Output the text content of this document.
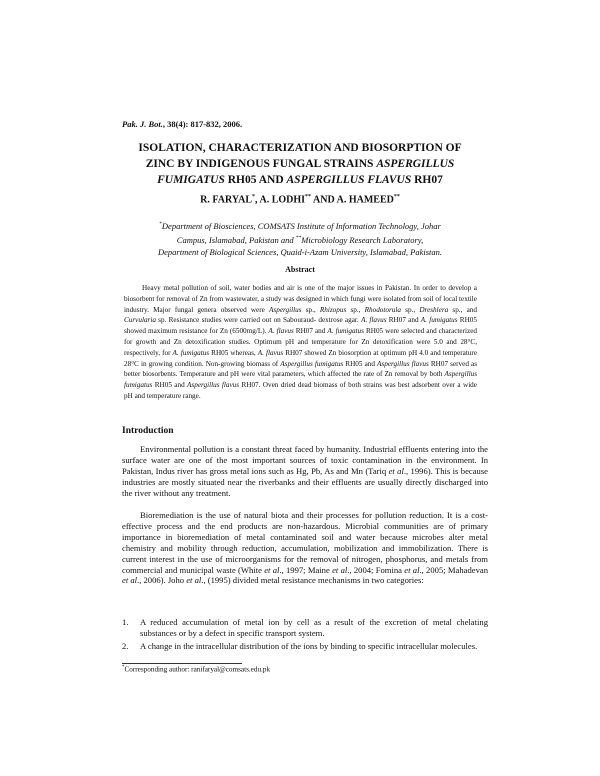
Pak. J. Bot., 38(4): 817-832, 2006.
ISOLATION, CHARACTERIZATION AND BIOSORPTION OF
ZINC BY INDIGENOUS FUNGAL STRAINS ASPERGILLUS
FUMIGATUS RH05 AND ASPERGILLUS FLAVUS RH07
R. FARYAL*, A. LODHI** AND A. HAMEED**
*Department of Biosciences, COMSATS Institute of Information Technology, Johar
Campus, Islamabad, Pakistan and **Microbiology Research Laboratory,
Department of Biological Sciences, Quaid-i-Azam University, Islamabad, Pakistan.
Abstract
Heavy metal pollution of soil, water bodies and air is one of the major issues in Pakistan. In order to develop a biosorbent for removal of Zn from wastewater, a study was designed in which fungi were isolated from soil of local textile industry. Major fungal genera observed were Aspergillus sp., Rhizopus sp., Rhodotorula sp., Dreshlera sp., and Curvularia sp. Resistance studies were carried out on Sabouraud- dextrose agar. A. flavus RH07 and A. fumigatus RH05 showed maximum resistance for Zn (6500mg/L). A. flavus RH07 and A. fumigatus RH05 were selected and characterized for growth and Zn detoxification studies. Optimum pH and temperature for Zn detoxification were 5.0 and 28°C, respectively, for A. fumigatus RH05 whereas, A. flavus RH07 showed Zn biosorption at optimum pH 4.0 and temperature 28°C in growing condition. Non-growing biomass of Aspergillus fumigatus RH05 and Aspergillus flavus RH07 served as better biosorbents. Temperature and pH were vital parameters, which affected the rate of Zn removal by both Aspergillus fumigatus RH05 and Aspergillus flavus RH07. Oven dried dead biomass of both strains was best adsorbent over a wide pH and temperature range.
Introduction
Environmental pollution is a constant threat faced by humanity. Industrial effluents entering into the surface water are one of the most important sources of toxic contamination in the environment. In Pakistan, Indus river has gross metal ions such as Hg, Pb, As and Mn (Tariq et al., 1996). This is because industries are mostly situated near the riverbanks and their effluents are usually directly discharged into the river without any treatment.
Bioremediation is the use of natural biota and their processes for pollution reduction. It is a cost-effective process and the end products are non-hazardous. Microbial communities are of primary importance in bioremediation of metal contaminated soil and water because microbes alter metal chemistry and mobility through reduction, accumulation, mobilization and immobilization. There is current interest in the use of microorganisms for the removal of nitrogen, phosphorus, and metals from commercial and municipal waste (White et al., 1997; Maine et al., 2004; Fomina et al., 2005; Mahadevan et al., 2006). Joho et al., (1995) divided metal resistance mechanisms in two categories:
1. A reduced accumulation of metal ion by cell as a result of the excretion of metal chelating substances or by a defect in specific transport system.
2. A change in the intracellular distribution of the ions by binding to specific intracellular molecules.
*Corresponding author: ranifaryal@comsats.edu.pk
